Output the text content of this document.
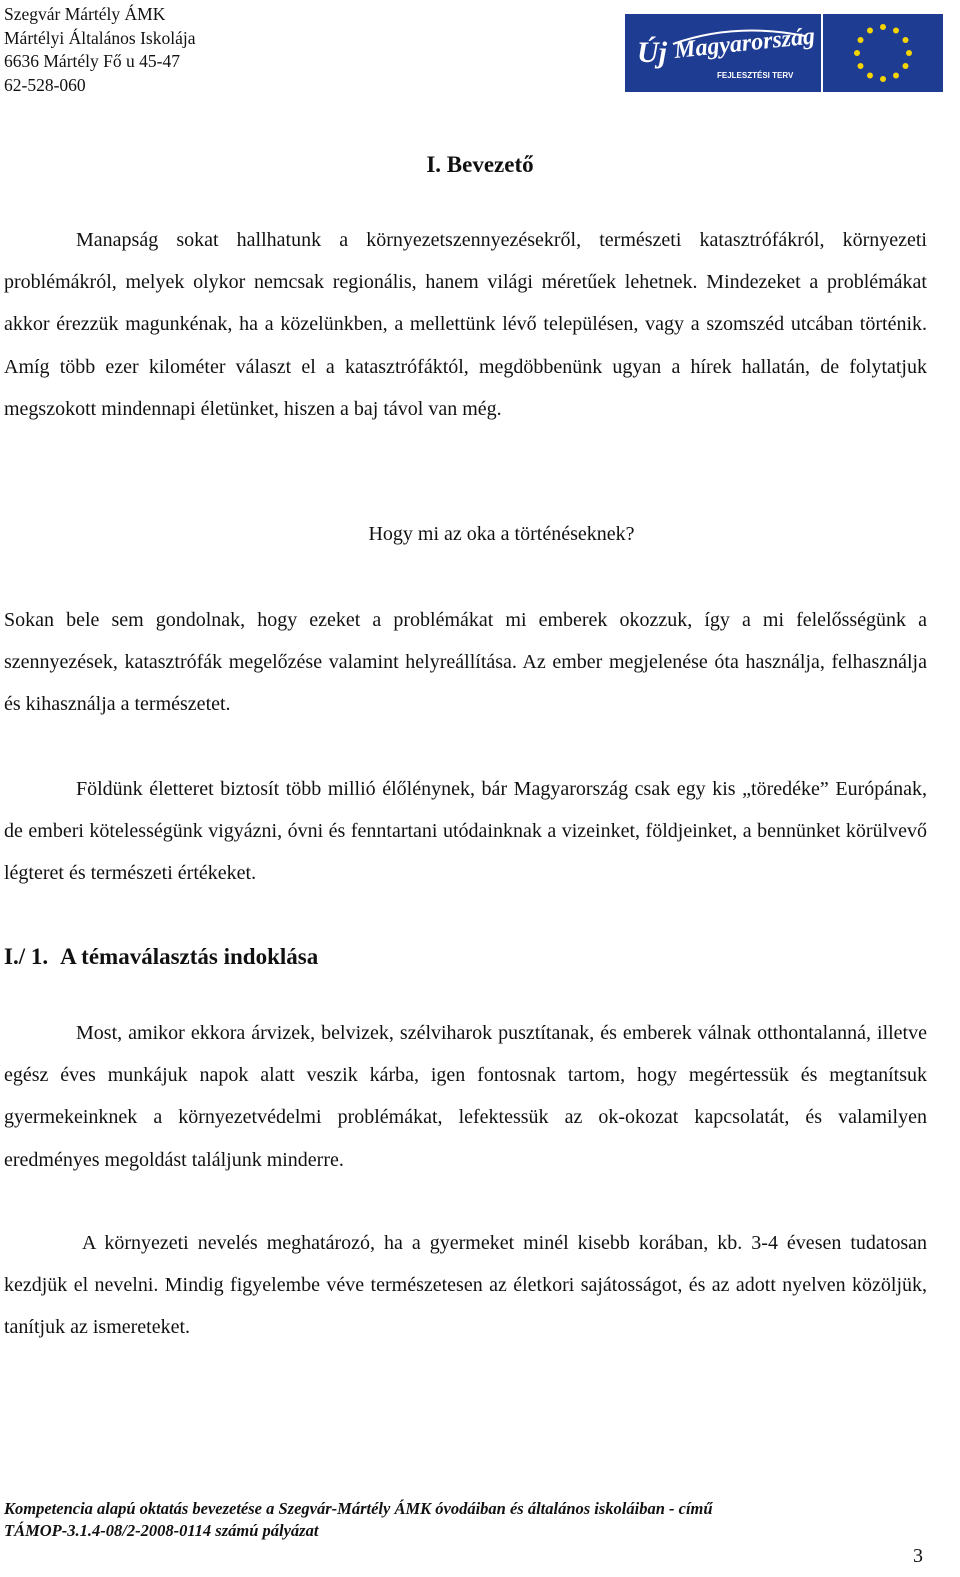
Szegvár Mártély ÁMK
Mártélyi Általános Iskolája
6636 Mártély Fő u 45-47
62-528-060
Új Magyarország
FEJLESZTÉSI TERV
I. Bevezető

Manapság sokat hallhatunk a környezetszennyezésekről, természeti katasztrófákról, környezeti problémákról, melyek olykor nemcsak regionális, hanem világi méretűek lehetnek. Mindezeket a problémákat akkor érezzük magunkénak, ha a közelünkben, a mellettünk lévő településen, vagy a szomszéd utcában történik. Amíg több ezer kilométer választ el a katasztrófáktól, megdöbbenünk ugyan a hírek hallatán, de folytatjuk megszokott mindennapi életünket, hiszen a baj távol van még.

Hogy mi az oka a történéseknek?

Sokan bele sem gondolnak, hogy ezeket a problémákat mi emberek okozzuk, így a mi felelősségünk a szennyezések, katasztrófák megelőzése valamint helyreállítása. Az ember megjelenése óta használja, felhasználja és kihasználja a természetet.

Földünk életteret biztosít több millió élőlénynek, bár Magyarország csak egy kis „töredéke” Európának, de emberi kötelességünk vigyázni, óvni és fenntartani utódainknak a vizeinket, földjeinket, a bennünket körülvevő légteret és természeti értékeket.

I./ 1. A témaválasztás indoklása

Most, amikor ekkora árvizek, belvizek, szélviharok pusztítanak, és emberek válnak otthontalanná, illetve egész éves munkájuk napok alatt veszik kárba, igen fontosnak tartom, hogy megértessük és megtanítsuk gyermekeinknek a környezetvédelmi problémákat, lefektessük az ok-okozat kapcsolatát, és valamilyen eredményes megoldást találjunk minderre.

A környezeti nevelés meghatározó, ha a gyermeket minél kisebb korában, kb. 3-4 évesen tudatosan kezdjük el nevelni. Mindig figyelembe véve természetesen az életkori sajátosságot, és az adott nyelven közöljük, tanítjuk az ismereteket.

Kompetencia alapú oktatás bevezetése a Szegvár-Mártély ÁMK óvodáiban és általános iskoláiban - című
TÁMOP-3.1.4-08/2-2008-0114 számú pályázat
3
